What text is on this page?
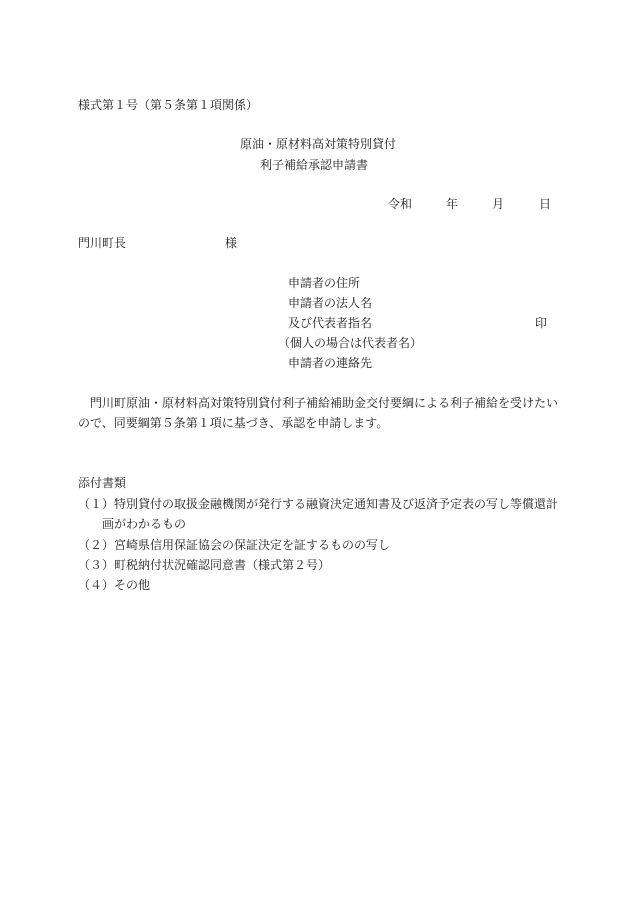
様式第１号（第５条第１項関係）
原油・原材料高対策特別貸付
利子補給承認申請書
令和	年	月	日
門川町長	様
申請者の住所
申請者の法人名
及び代表者指名	印
（個人の場合は代表者名）
申請者の連絡先
　門川町原油・原材料高対策特別貸付利子補給補助金交付要綱による利子補給を受けたい
ので、同要綱第５条第１項に基づき、承認を申請します。
添付書類
（１）特別貸付の取扱金融機関が発行する融資決定通知書及び返済予定表の写し等償還計
画がわかるもの
（２）宮崎県信用保証協会の保証決定を証するものの写し
（３）町税納付状況確認同意書（様式第２号）
（４）その他
